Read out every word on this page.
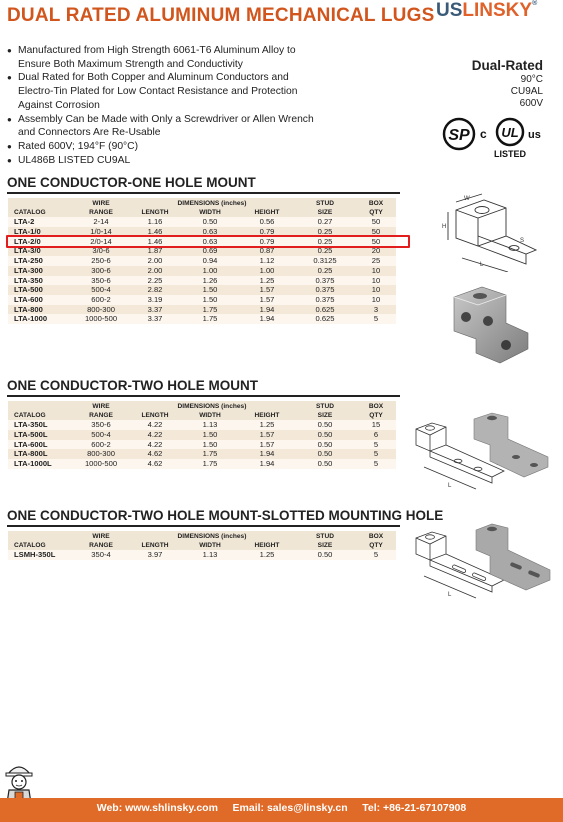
DUAL RATED ALUMINUM MECHANICAL LUGS USLINSKY®
● Manufactured from High Strength 6061-T6 Aluminum Alloy to Ensure Both Maximum Strength and Conductivity
● Dual Rated for Both Copper and Aluminum Conductors and Electro-Tin Plated for Low Contact Resistance and Protection Against Corrosion
● Assembly Can be Made with Only a Screwdriver or Allen Wrench and Connectors Are Re-Usable
● Rated 600V; 194°F (90°C)
● UL486B LISTED CU9AL
Dual-Rated
90°C
CU9AL
600V
SP c UL us
LISTED
ONE CONDUCTOR-ONE HOLE MOUNT
CATALOG	WIRE	DIMENSIONS (inches)			STUD	BOX
	RANGE	LENGTH	WIDTH	HEIGHT	SIZE	QTY
LTA-2	2-14	1.16	0.50	0.56	0.27	50
LTA-1/0	1/0-14	1.46	0.63	0.79	0.25	50
LTA-2/0	2/0-14	1.46	0.63	0.79	0.25	50
LTA-3/0	3/0-6	1.87	0.69	0.87	0.25	20
LTA-250	250-6	2.00	0.94	1.12	0.3125	25
LTA-300	300-6	2.00	1.00	1.00	0.25	10
LTA-350	350-6	2.25	1.26	1.25	0.375	10
LTA-500	500-4	2.82	1.50	1.57	0.375	10
LTA-600	600-2	3.19	1.50	1.57	0.375	10
LTA-800	800-300	3.37	1.75	1.94	0.625	3
LTA-1000	1000-500	3.37	1.75	1.94	0.625	5
ONE CONDUCTOR-TWO HOLE MOUNT
CATALOG	WIRE	DIMENSIONS (inches)			STUD	BOX
	RANGE	LENGTH	WIDTH	HEIGHT	SIZE	QTY
LTA-350L	350-6	4.22	1.13	1.25	0.50	15
LTA-500L	500-4	4.22	1.50	1.57	0.50	6
LTA-600L	600-2	4.22	1.50	1.57	0.50	5
LTA-800L	800-300	4.62	1.75	1.94	0.50	5
LTA-1000L	1000-500	4.62	1.75	1.94	0.50	5
ONE CONDUCTOR-TWO HOLE MOUNT-SLOTTED MOUNTING HOLE
CATALOG	WIRE	DIMENSIONS (inches)			STUD	BOX
	RANGE	LENGTH	WIDTH	HEIGHT	SIZE	QTY
LSMH-350L	350-4	3.97	1.13	1.25	0.50	5
W
H
L
S
L
L
Web: www.shlinsky.com Email: sales@linsky.cn Tel: +86-21-67107908
